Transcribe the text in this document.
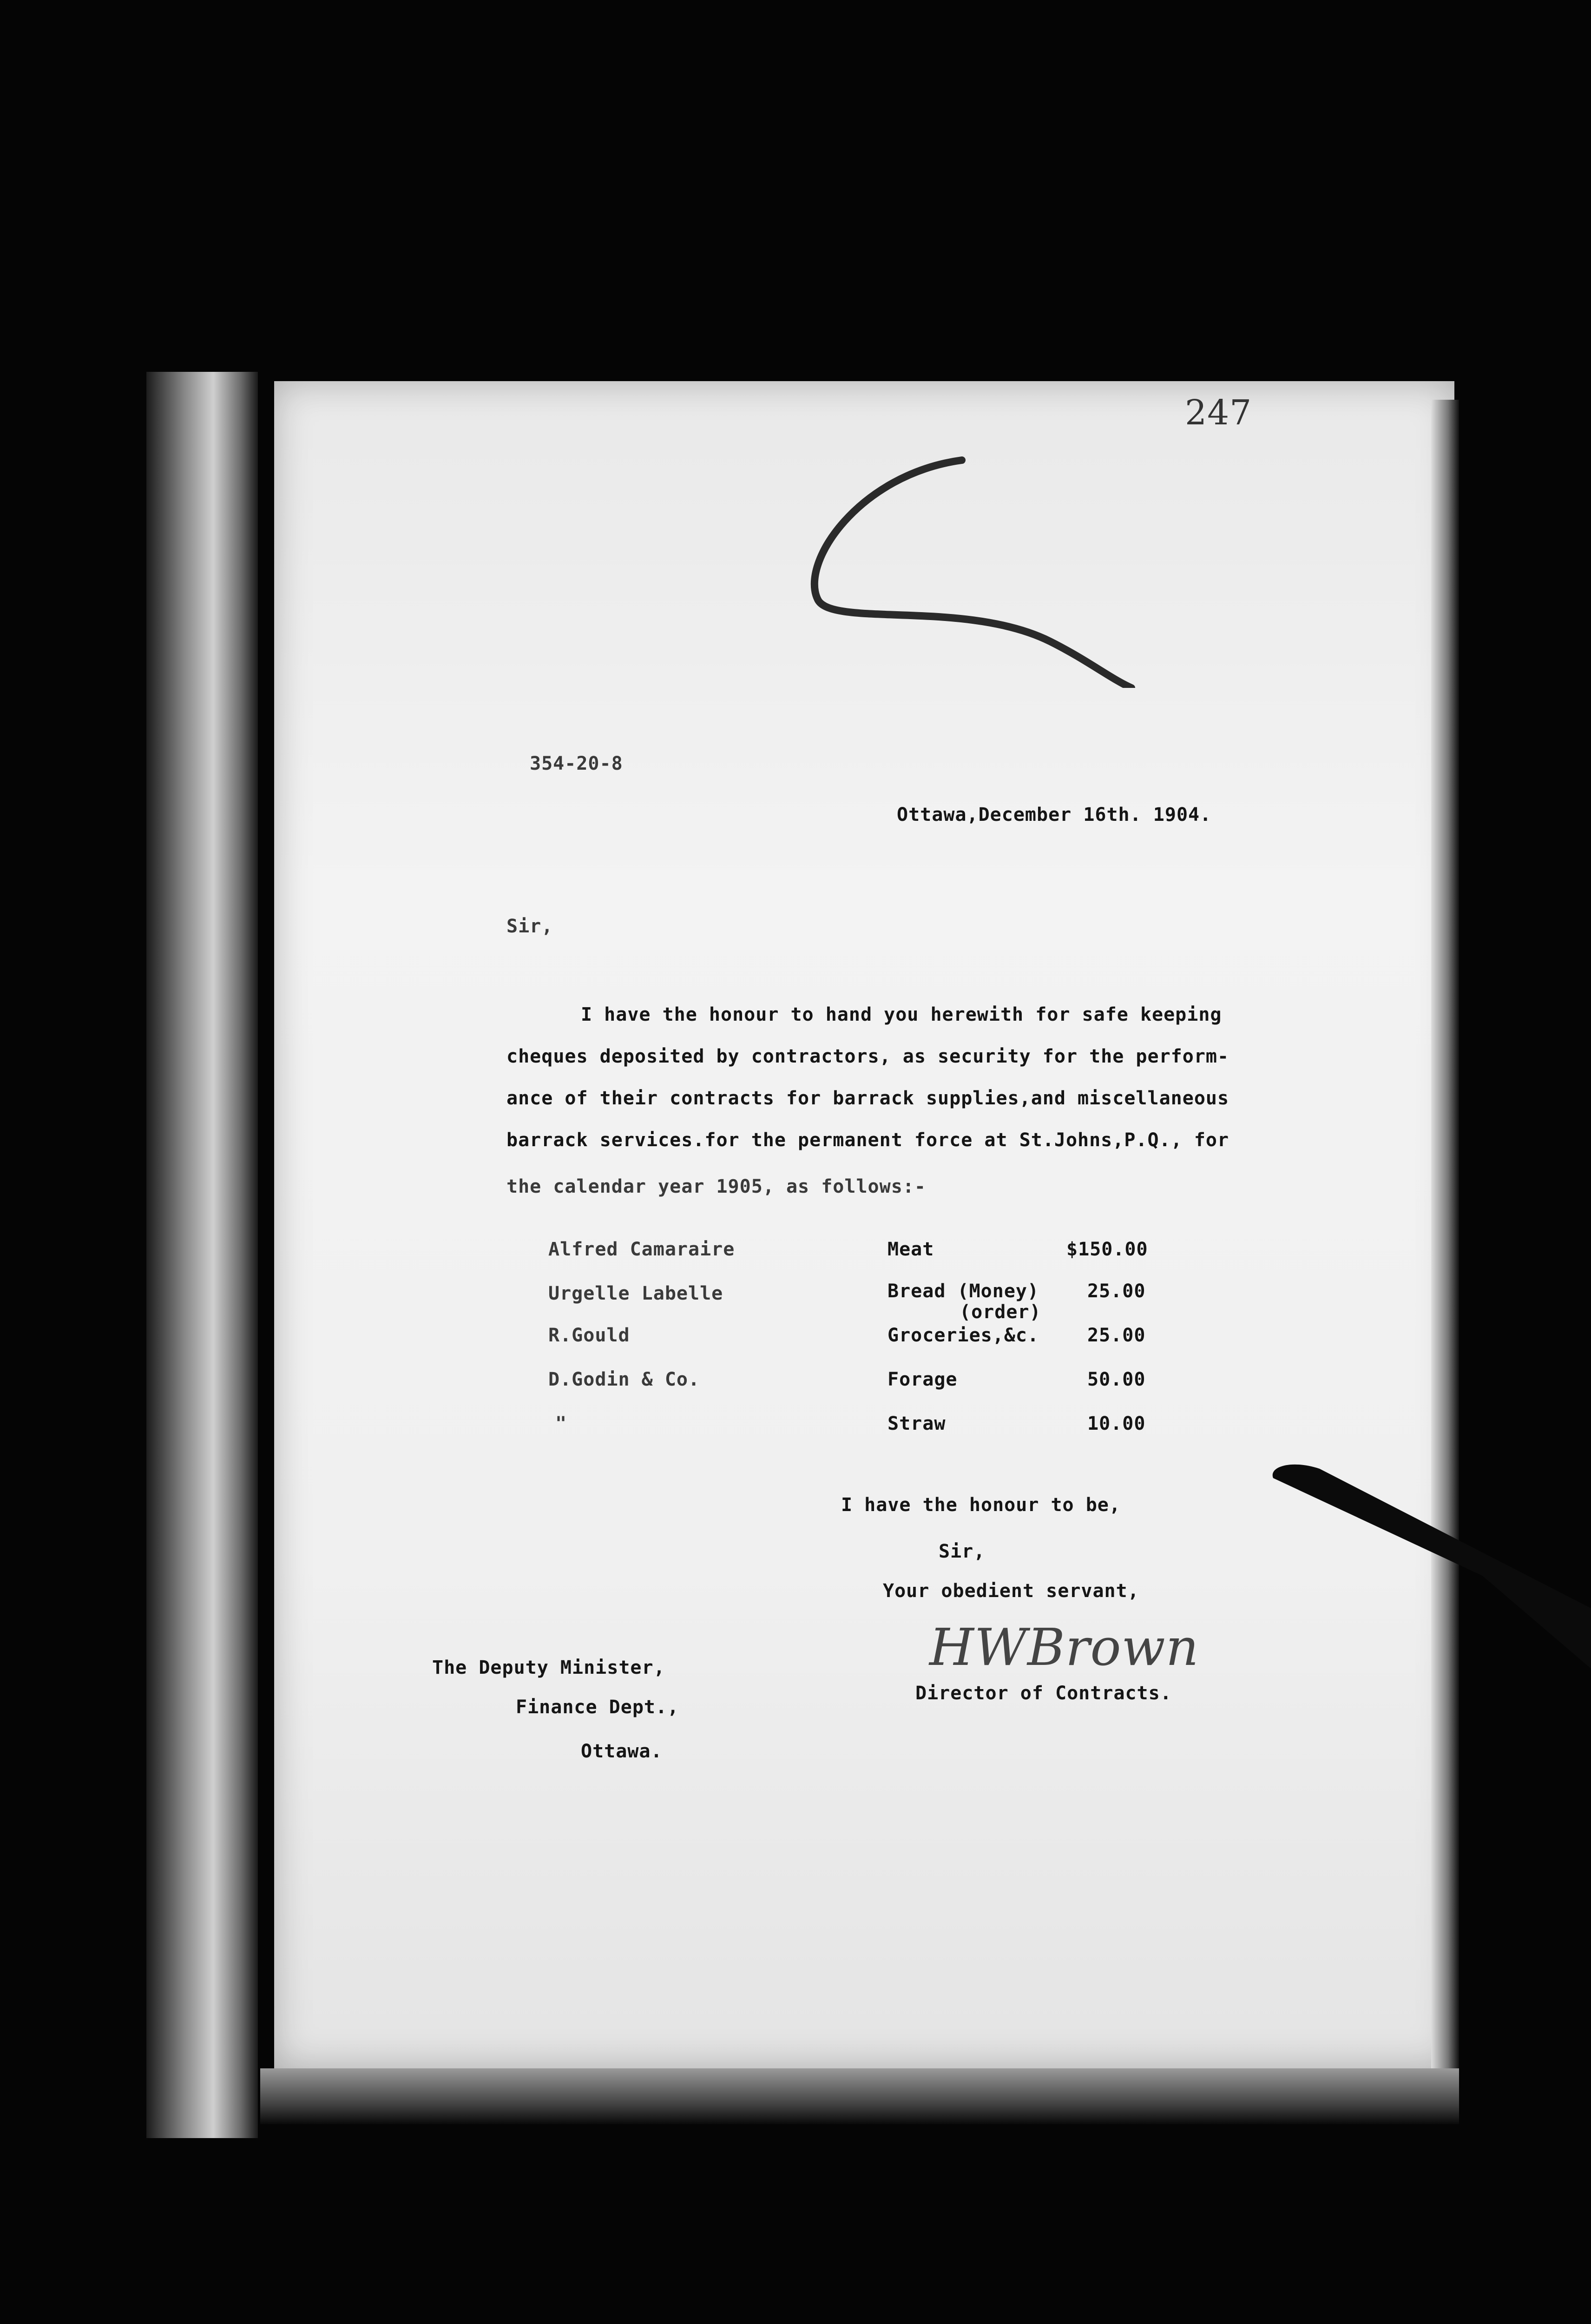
247
354-20-8
Ottawa,December 16th. 1904.
Sir,
I have the honour to hand you herewith for safe keeping
cheques deposited by contractors, as security for the perform-
ance of their contracts for barrack supplies,and miscellaneous
barrack services.for the permanent force at St.Johns,P.Q., for
the calendar year 1905, as follows:-
Alfred Camaraire	Meat	$150.00
Urgelle Labelle	Bread (Money)	25.00
(order)
R.Gould	Groceries,&c.	25.00
D.Godin & Co.	Forage	50.00
"	Straw	10.00
I have the honour to be,
Sir,
Your obedient servant,
HWBrown
Director of Contracts.
The Deputy Minister,
Finance Dept.,
Ottawa.
